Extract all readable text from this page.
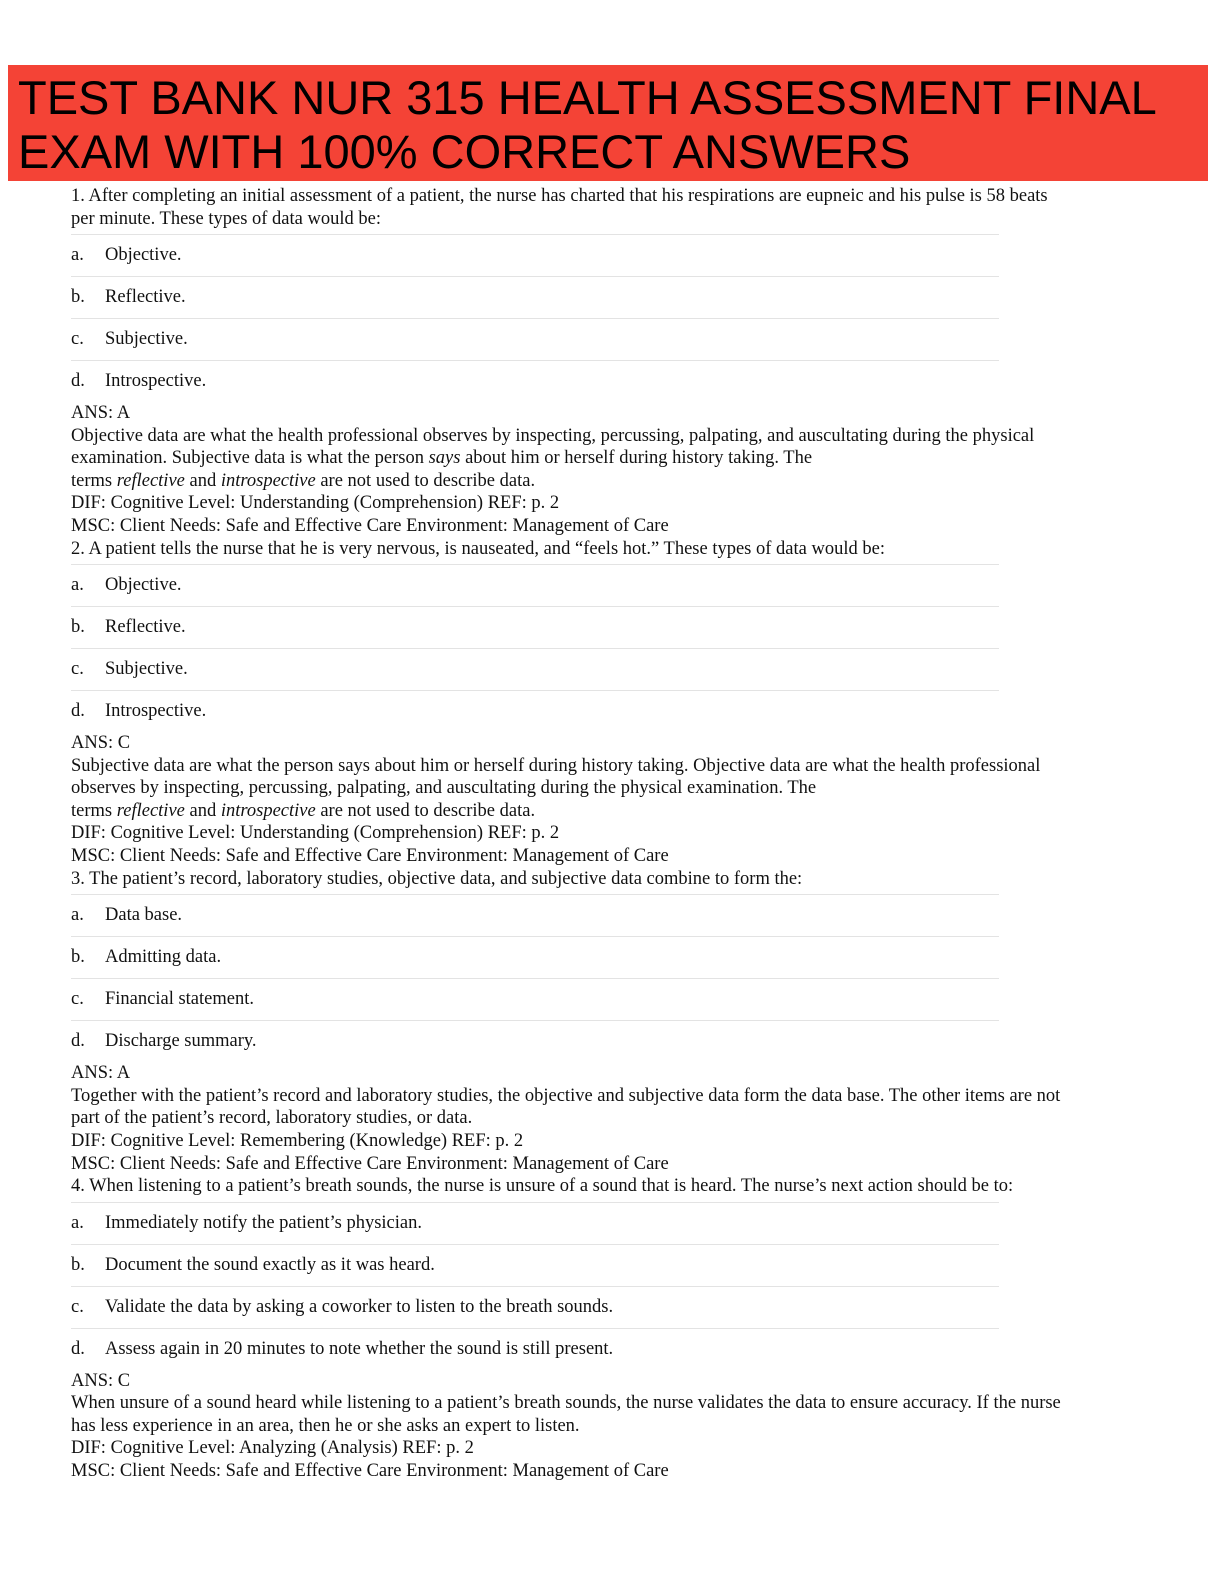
TEST BANK NUR 315 HEALTH ASSESSMENT FINAL
EXAM WITH 100% CORRECT ANSWERS

1. After completing an initial assessment of a patient, the nurse has charted that his respirations are eupneic and his pulse is 58 beats
per minute. These types of data would be:

a.	Objective.
b.	Reflective.
c.	Subjective.
d.	Introspective.
ANS: A
Objective data are what the health professional observes by inspecting, percussing, palpating, and auscultating during the physical
examination. Subjective data is what the person says about him or herself during history taking. The
terms reflective and introspective are not used to describe data.
DIF: Cognitive Level: Understanding (Comprehension) REF: p. 2
MSC: Client Needs: Safe and Effective Care Environment: Management of Care

2. A patient tells the nurse that he is very nervous, is nauseated, and “feels hot.” These types of data would be:

a.	Objective.
b.	Reflective.
c.	Subjective.
d.	Introspective.
ANS: C
Subjective data are what the person says about him or herself during history taking. Objective data are what the health professional
observes by inspecting, percussing, palpating, and auscultating during the physical examination. The
terms reflective and introspective are not used to describe data.
DIF: Cognitive Level: Understanding (Comprehension) REF: p. 2
MSC: Client Needs: Safe and Effective Care Environment: Management of Care

3. The patient’s record, laboratory studies, objective data, and subjective data combine to form the:

a.	Data base.
b.	Admitting data.
c.	Financial statement.
d.	Discharge summary.
ANS: A
Together with the patient’s record and laboratory studies, the objective and subjective data form the data base. The other items are not
part of the patient’s record, laboratory studies, or data.
DIF: Cognitive Level: Remembering (Knowledge) REF: p. 2
MSC: Client Needs: Safe and Effective Care Environment: Management of Care

4. When listening to a patient’s breath sounds, the nurse is unsure of a sound that is heard. The nurse’s next action should be to:

a.	Immediately notify the patient’s physician.
b.	Document the sound exactly as it was heard.
c.	Validate the data by asking a coworker to listen to the breath sounds.
d.	Assess again in 20 minutes to note whether the sound is still present.
ANS: C
When unsure of a sound heard while listening to a patient’s breath sounds, the nurse validates the data to ensure accuracy. If the nurse
has less experience in an area, then he or she asks an expert to listen.
DIF: Cognitive Level: Analyzing (Analysis) REF: p. 2
MSC: Client Needs: Safe and Effective Care Environment: Management of Care
